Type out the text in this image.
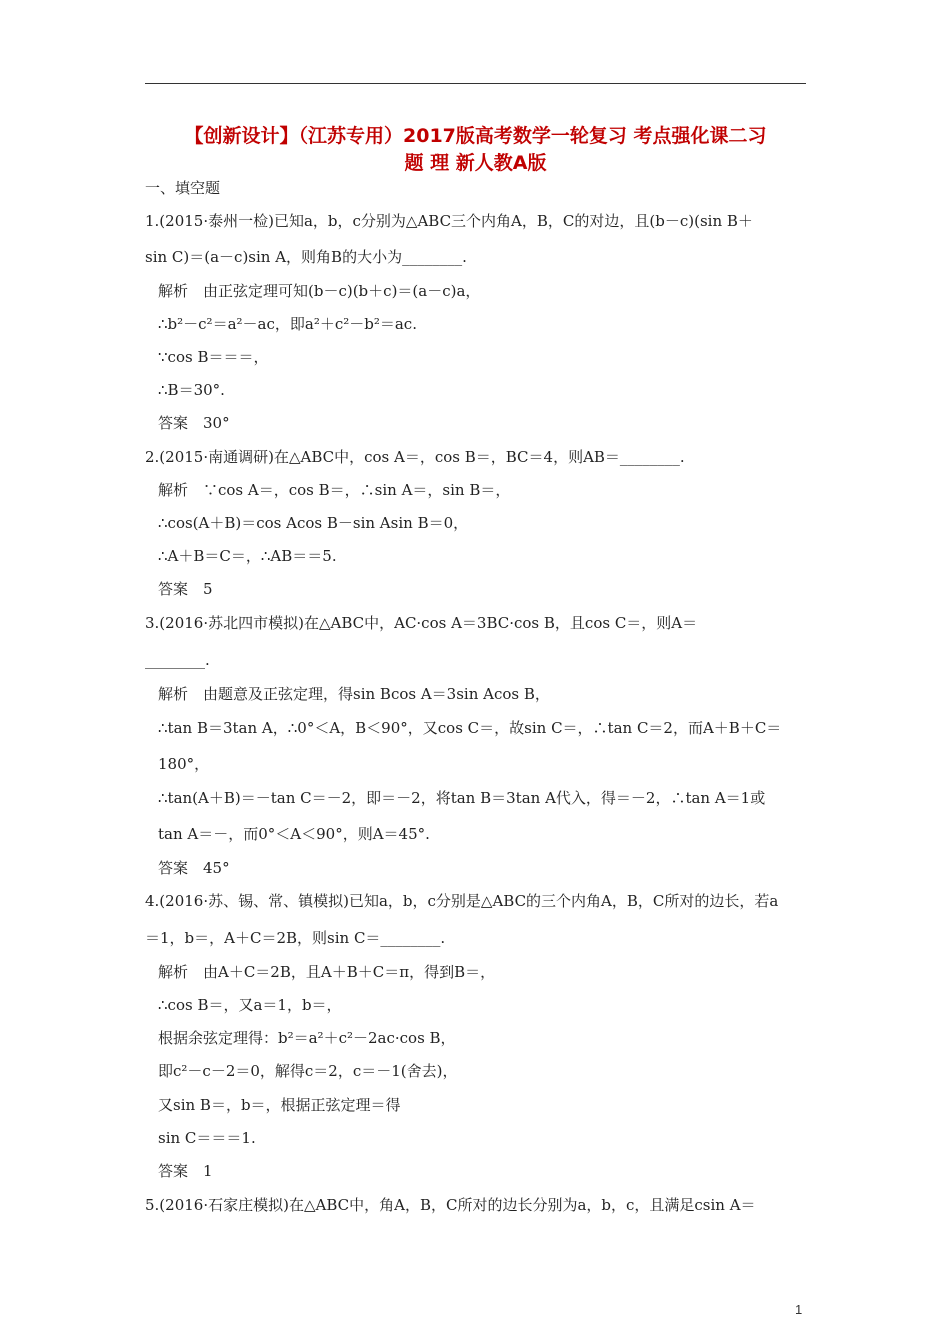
【创新设计】（江苏专用）2017版高考数学一轮复习 考点强化课二习
题 理 新人教A版
一、填空题
1.(2015·泰州一检)已知a，b，c分别为△ABC三个内角A，B，C的对边，且(b－c)(sin B＋
sin C)＝(a－c)sin A，则角B的大小为________.
解析　由正弦定理可知(b－c)(b＋c)＝(a－c)a，
∴b²－c²＝a²－ac，即a²＋c²－b²＝ac.
∵cos B＝＝＝，
∴B＝30°.
答案　30°
2.(2015·南通调研)在△ABC中，cos A＝，cos B＝，BC＝4，则AB＝________.
解析　∵cos A＝，cos B＝，∴sin A＝，sin B＝，
∴cos(A＋B)＝cos Acos B－sin Asin B＝0，
∴A＋B＝C＝，∴AB＝＝5.
答案　5
3.(2016·苏北四市模拟)在△ABC中，AC·cos A＝3BC·cos B，且cos C＝，则A＝
________.
解析　由题意及正弦定理，得sin Bcos A＝3sin Acos B，
∴tan B＝3tan A，∴0°＜A，B＜90°，又cos C＝，故sin C＝，∴tan C＝2，而A＋B＋C＝
180°，
∴tan(A＋B)＝－tan C＝－2，即＝－2，将tan B＝3tan A代入，得＝－2，∴tan A＝1或
tan A＝－，而0°＜A＜90°，则A＝45°.
答案　45°
4.(2016·苏、锡、常、镇模拟)已知a，b，c分别是△ABC的三个内角A，B，C所对的边长，若a
＝1，b＝，A＋C＝2B，则sin C＝________.
解析　由A＋C＝2B，且A＋B＋C＝π，得到B＝，
∴cos B＝，又a＝1，b＝，
根据余弦定理得：b²＝a²＋c²－2ac·cos B，
即c²－c－2＝0，解得c＝2，c＝－1(舍去)，
又sin B＝，b＝，根据正弦定理＝得
sin C＝＝＝1.
答案　1
5.(2016·石家庄模拟)在△ABC中，角A，B，C所对的边长分别为a，b，c，且满足csin A＝
1
